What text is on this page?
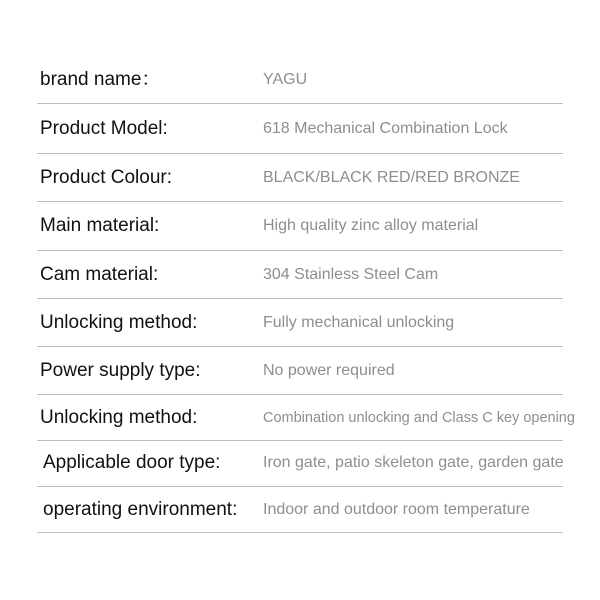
brand name：	YAGU
Product Model:	618 Mechanical Combination Lock
Product Colour:	BLACK/BLACK RED/RED BRONZE
Main material:	High quality zinc alloy material
Cam material:	304 Stainless Steel Cam
Unlocking method:	Fully mechanical unlocking
Power supply type:	No power required
Unlocking method:	Combination unlocking and Class C key opening
Applicable door type:	Iron gate, patio skeleton gate, garden gate
operating environment: Indoor and outdoor room temperature
